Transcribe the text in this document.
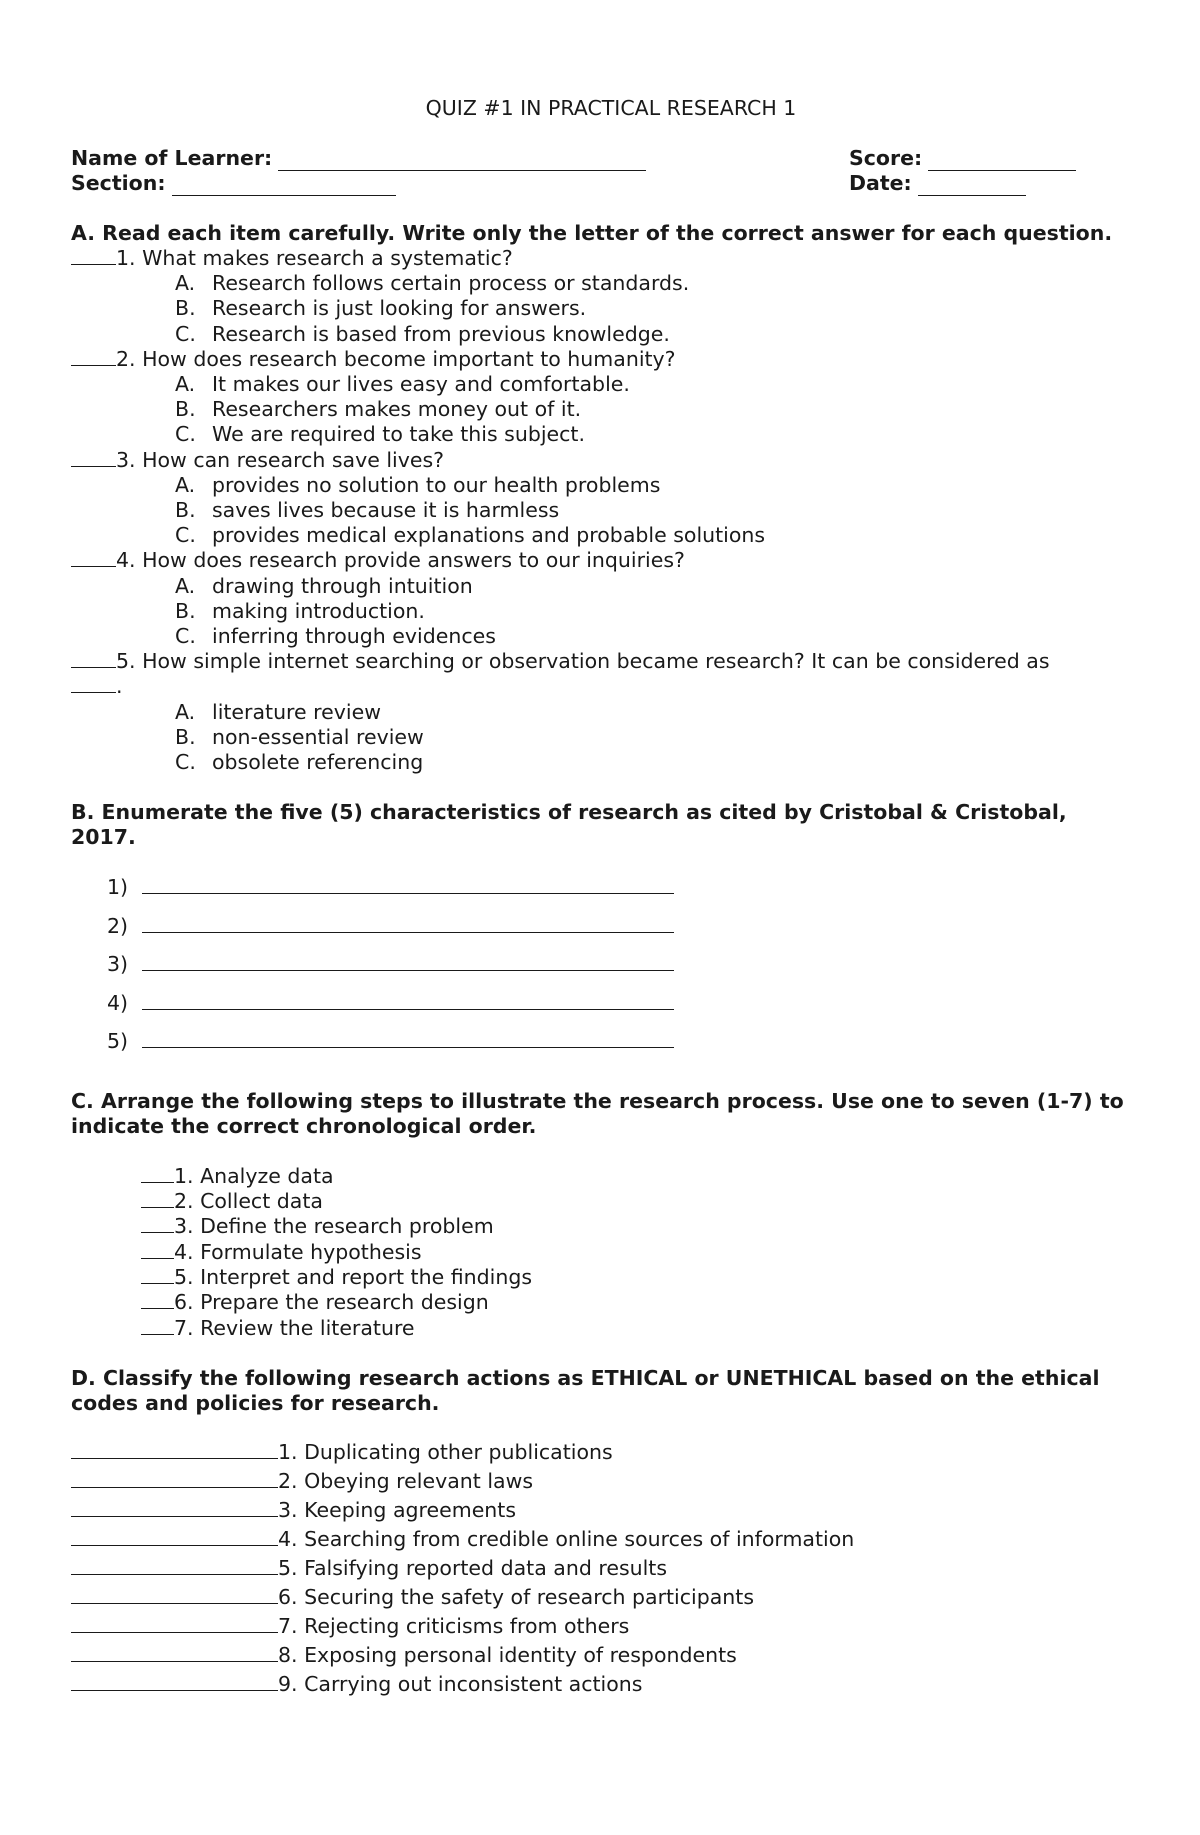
QUIZ #1 IN PRACTICAL RESEARCH 1
Name of Learner:	Score:
Section:	Date:
A. Read each item carefully. Write only the letter of the correct answer for each question.
1. What makes research a systematic?
A. Research follows certain process or standards.
B. Research is just looking for answers.
C. Research is based from previous knowledge.
2. How does research become important to humanity?
A. It makes our lives easy and comfortable.
B. Researchers makes money out of it.
C. We are required to take this subject.
3. How can research save lives?
A. provides no solution to our health problems
B. saves lives because it is harmless
C. provides medical explanations and probable solutions
4. How does research provide answers to our inquiries?
A. drawing through intuition
B. making introduction.
C. inferring through evidences
5. How simple internet searching or observation became research? It can be considered as
.
A. literature review
B. non-essential review
C. obsolete referencing
B. Enumerate the five (5) characteristics of research as cited by Cristobal & Cristobal, 2017.
1)
2)
3)
4)
5)
C. Arrange the following steps to illustrate the research process. Use one to seven (1-7) to indicate the correct chronological order.
1. Analyze data
2. Collect data
3. Define the research problem
4. Formulate hypothesis
5. Interpret and report the findings
6. Prepare the research design
7. Review the literature
D. Classify the following research actions as ETHICAL or UNETHICAL based on the ethical codes and policies for research.
1. Duplicating other publications
2. Obeying relevant laws
3. Keeping agreements
4. Searching from credible online sources of information
5. Falsifying reported data and results
6. Securing the safety of research participants
7. Rejecting criticisms from others
8. Exposing personal identity of respondents
9. Carrying out inconsistent actions
